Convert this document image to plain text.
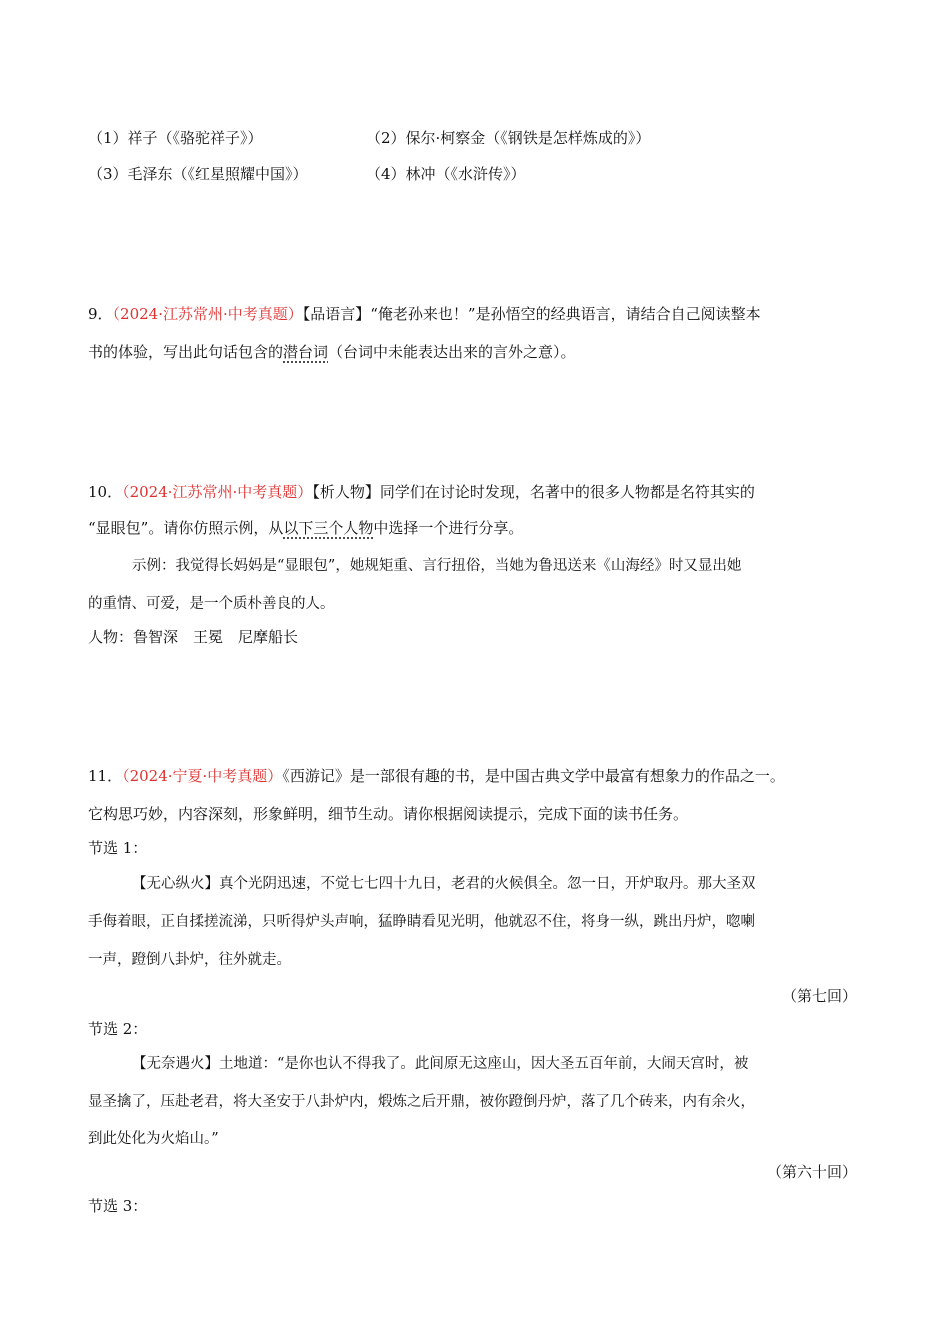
（1）祥子（《骆驼祥子》）	（2）保尔·柯察金（《钢铁是怎样炼成的》）
（3）毛泽东（《红星照耀中国》）	（4）林冲（《水浒传》）
9．（2024·江苏常州·中考真题）【品语言】“俺老孙来也！”是孙悟空的经典语言，请结合自己阅读整本
书的体验，写出此句话包含的潜台词（台词中未能表达出来的言外之意）。
10．（2024·江苏常州·中考真题）【析人物】同学们在讨论时发现，名著中的很多人物都是名符其实的
“显眼包”。请你仿照示例，从以下三个人物中选择一个进行分享。
示例：我觉得长妈妈是“显眼包”，她规矩重、言行扭俗，当她为鲁迅送来《山海经》时又显出她
的重情、可爱，是一个质朴善良的人。
人物：鲁智深　王冕　尼摩船长
11．（2024·宁夏·中考真题）《西游记》是一部很有趣的书，是中国古典文学中最富有想象力的作品之一。
它构思巧妙，内容深刻，形象鲜明，细节生动。请你根据阅读提示，完成下面的读书任务。
节选 1：
【无心纵火】真个光阴迅速，不觉七七四十九日，老君的火候俱全。忽一日，开炉取丹。那大圣双
手侮着眼，正自揉搓流涕，只听得炉头声响，猛睁睛看见光明，他就忍不住，将身一纵，跳出丹炉，唿喇
一声，蹬倒八卦炉，往外就走。
（第七回）
节选 2：
【无奈遇火】土地道：“是你也认不得我了。此间原无这座山，因大圣五百年前，大闹天宫时，被
显圣擒了，压赴老君，将大圣安于八卦炉内，煅炼之后开鼎，被你蹬倒丹炉，落了几个砖来，内有余火，
到此处化为火焰山。”
（第六十回）
节选 3：
